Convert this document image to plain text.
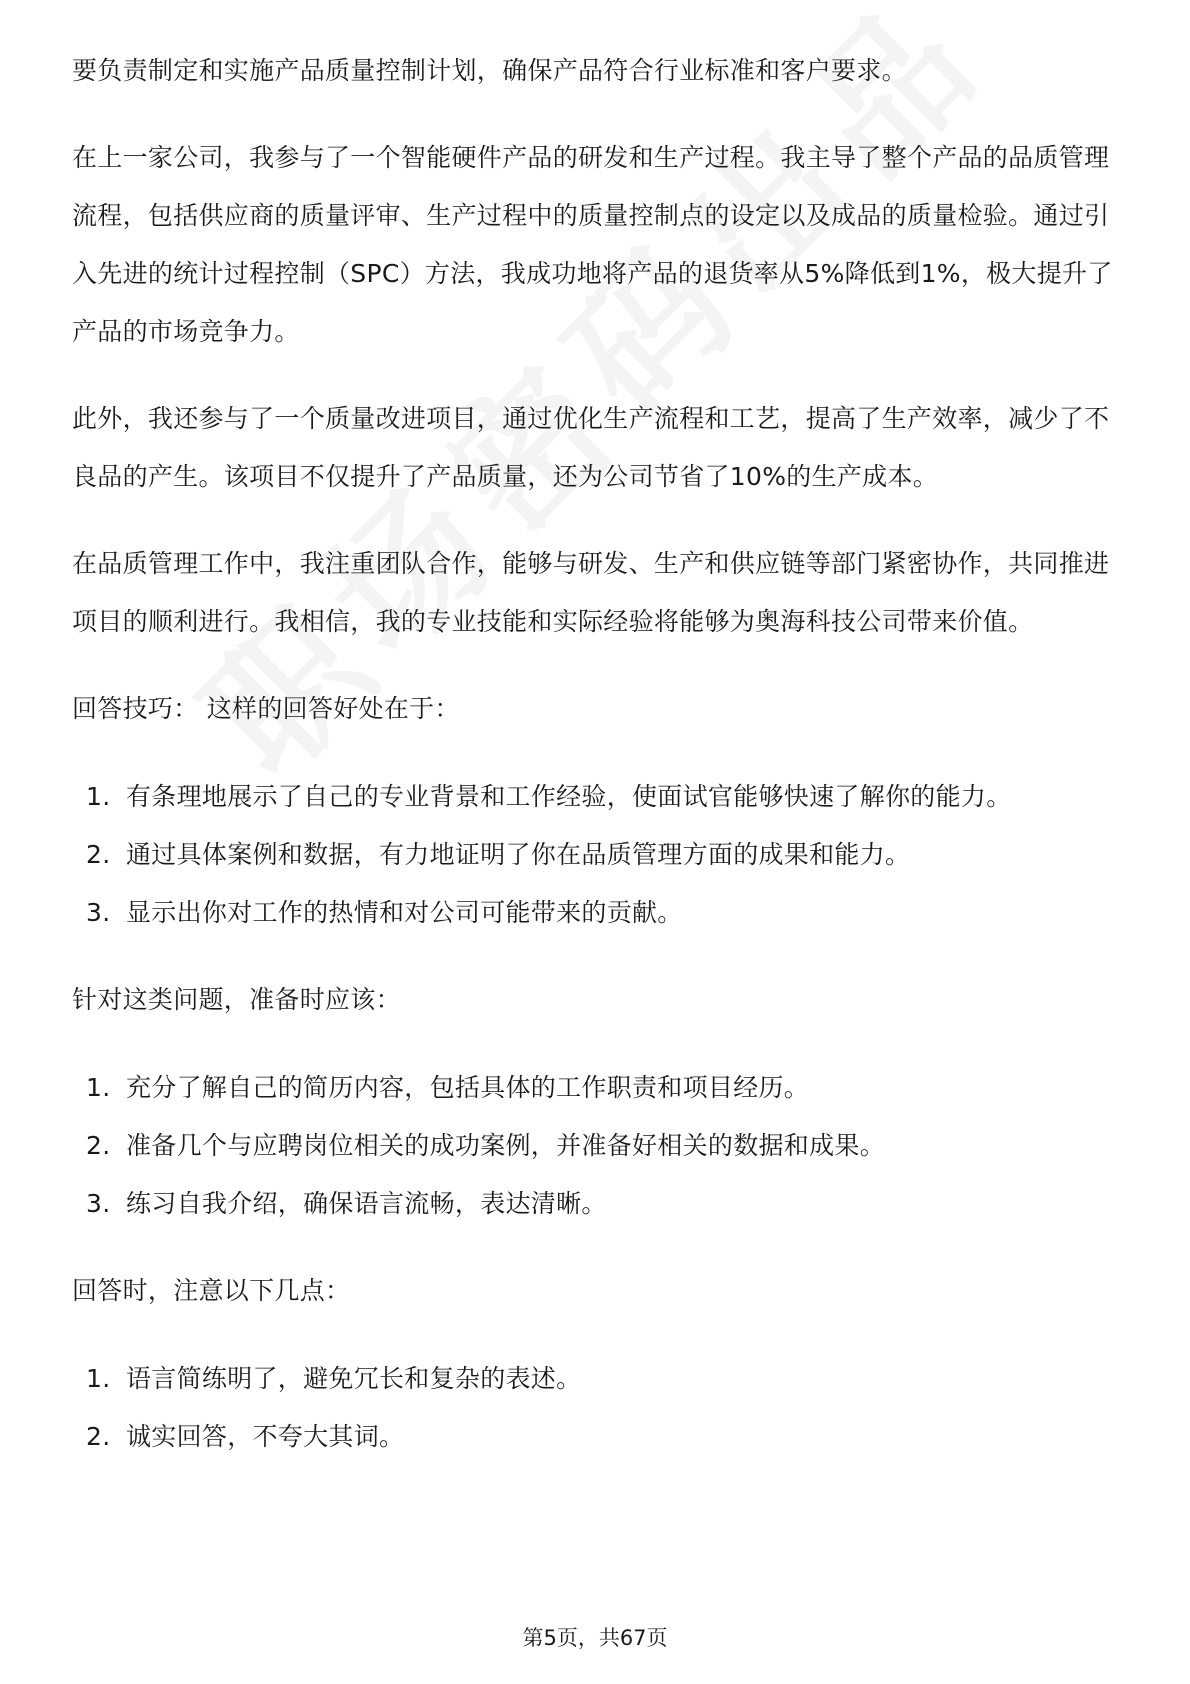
要负责制定和实施产品质量控制计划，确保产品符合行业标准和客户要求。

在上一家公司，我参与了一个智能硬件产品的研发和生产过程。我主导了整个产品的品质管理流程，包括供应商的质量评审、生产过程中的质量控制点的设定以及成品的质量检验。通过引入先进的统计过程控制（SPC）方法，我成功地将产品的退货率从5%降低到1%，极大提升了产品的市场竞争力。

此外，我还参与了一个质量改进项目，通过优化生产流程和工艺，提高了生产效率，减少了不良品的产生。该项目不仅提升了产品质量，还为公司节省了10%的生产成本。

在品质管理工作中，我注重团队合作，能够与研发、生产和供应链等部门紧密协作，共同推进项目的顺利进行。我相信，我的专业技能和实际经验将能够为奥海科技公司带来价值。

回答技巧： 这样的回答好处在于：

1. 有条理地展示了自己的专业背景和工作经验，使面试官能够快速了解你的能力。
2. 通过具体案例和数据，有力地证明了你在品质管理方面的成果和能力。
3. 显示出你对工作的热情和对公司可能带来的贡献。

针对这类问题，准备时应该：

1. 充分了解自己的简历内容，包括具体的工作职责和项目经历。
2. 准备几个与应聘岗位相关的成功案例，并准备好相关的数据和成果。
3. 练习自我介绍，确保语言流畅，表达清晰。

回答时，注意以下几点：

1. 语言简练明了，避免冗长和复杂的表述。
2. 诚实回答，不夸大其词。
第5页，共67页
